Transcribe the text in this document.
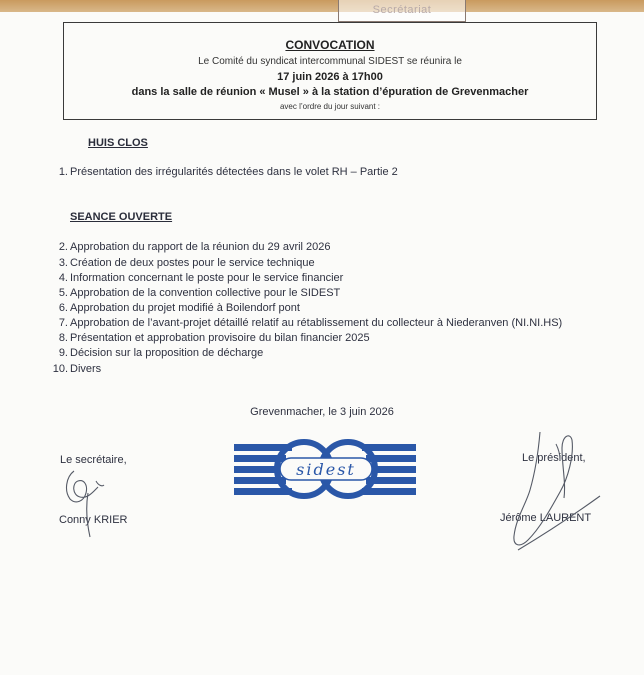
Secrétariat
CONVOCATION
Le Comité du syndicat intercommunal SIDEST se réunira le
17 juin 2026 à 17h00
dans la salle de réunion « Musel » à la station d’épuration de Grevenmacher
avec l’ordre du jour suivant :
HUIS CLOS
1. Présentation des irrégularités détectées dans le volet RH – Partie 2
SEANCE OUVERTE
2. Approbation du rapport de la réunion du 29 avril 2026
3. Création de deux postes pour le service technique
4. Information concernant le poste pour le service financier
5. Approbation de la convention collective pour le SIDEST
6. Approbation du projet modifié à Boilendorf pont
7. Approbation de l’avant-projet détaillé relatif au rétablissement du collecteur à Niederanven (NI.NI.HS)
8. Présentation et approbation provisoire du bilan financier 2025
9. Décision sur la proposition de décharge
10. Divers
Grevenmacher, le 3 juin 2026
Le secrétaire,
Conny KRIER
Le président,
Jérôme LAURENT
sidest
